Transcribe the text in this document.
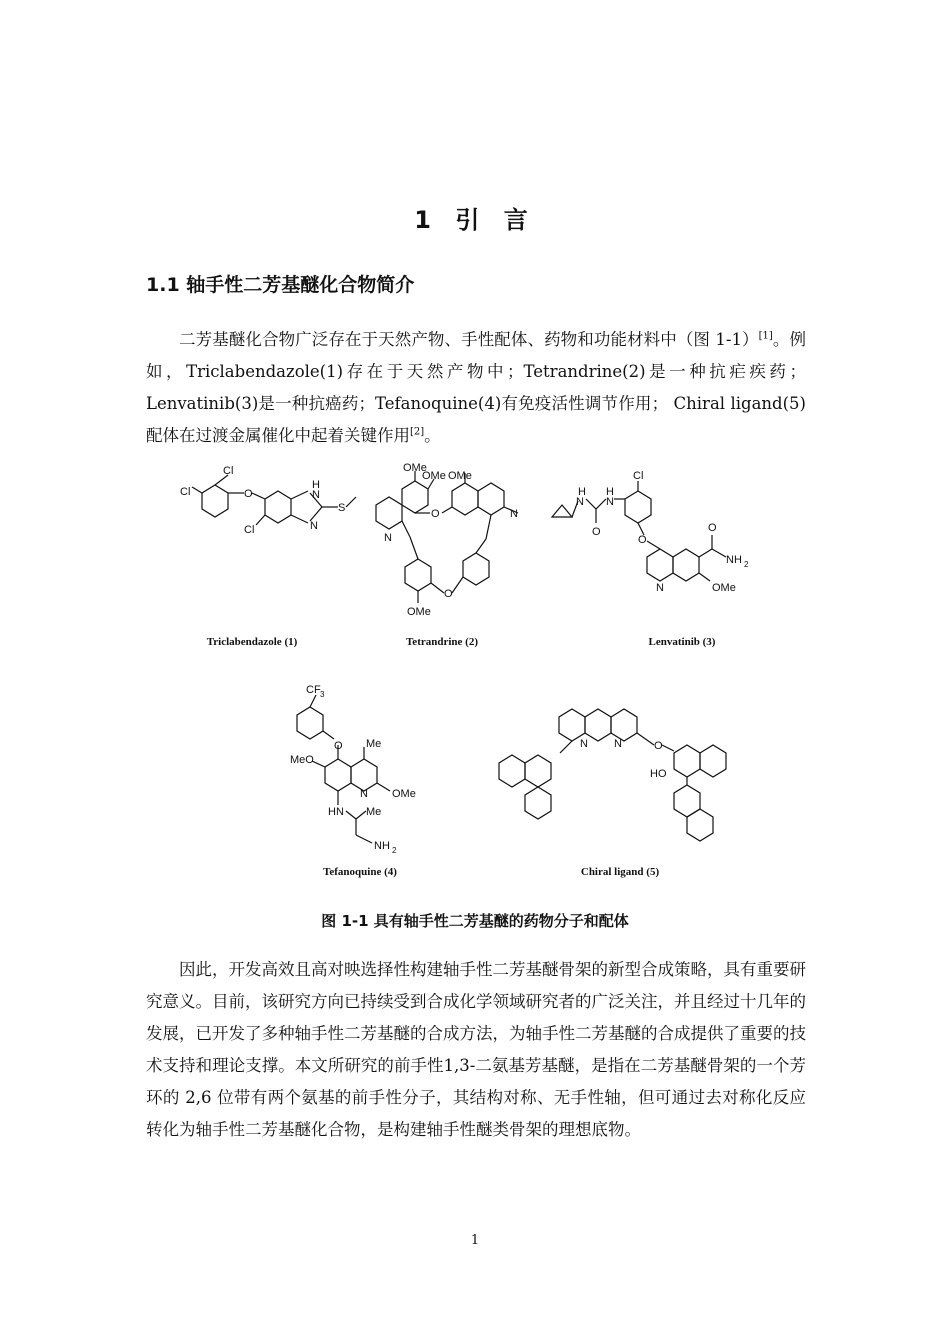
1 引 言
1.1 轴手性二芳基醚化合物简介
二芳基醚化合物广泛存在于天然产物、手性配体、药物和功能材料中（图 1-1）[1]。例如，Triclabendazole(1)存在于天然产物中；Tetrandrine(2)是一种抗疟疾药；Lenvatinib(3)是一种抗癌药；Tefanoquine(4)有免疫活性调节作用； Chiral ligand(5)配体在过渡金属催化中起着关键作用[2]。
Cl
Cl	O
H
N
N
S
Cl
Triclabendazole (1)
OMe
OMe OMe
O	N
N
O
OMe
Tetrandrine (2)
H
N
H
N
O
Cl
O
O
NH 2
N	OMe
Lenvatinib (3)
CF 3
O Me
MeO
N OMe
HN Me
NH 2
Tefanoquine (4)
N N	O
HO
Chiral ligand (5)
图 1-1 具有轴手性二芳基醚的药物分子和配体
因此，开发高效且高对映选择性构建轴手性二芳基醚骨架的新型合成策略，具有重要研究意义。目前，该研究方向已持续受到合成化学领域研究者的广泛关注，并且经过十几年的发展，已开发了多种轴手性二芳基醚的合成方法，为轴手性二芳基醚的合成提供了重要的技术支持和理论支撑。本文所研究的前手性1,3-二氨基芳基醚，是指在二芳基醚骨架的一个芳环的 2,6 位带有两个氨基的前手性分子，其结构对称、无手性轴，但可通过去对称化反应转化为轴手性二芳基醚化合物，是构建轴手性醚类骨架的理想底物。
1
